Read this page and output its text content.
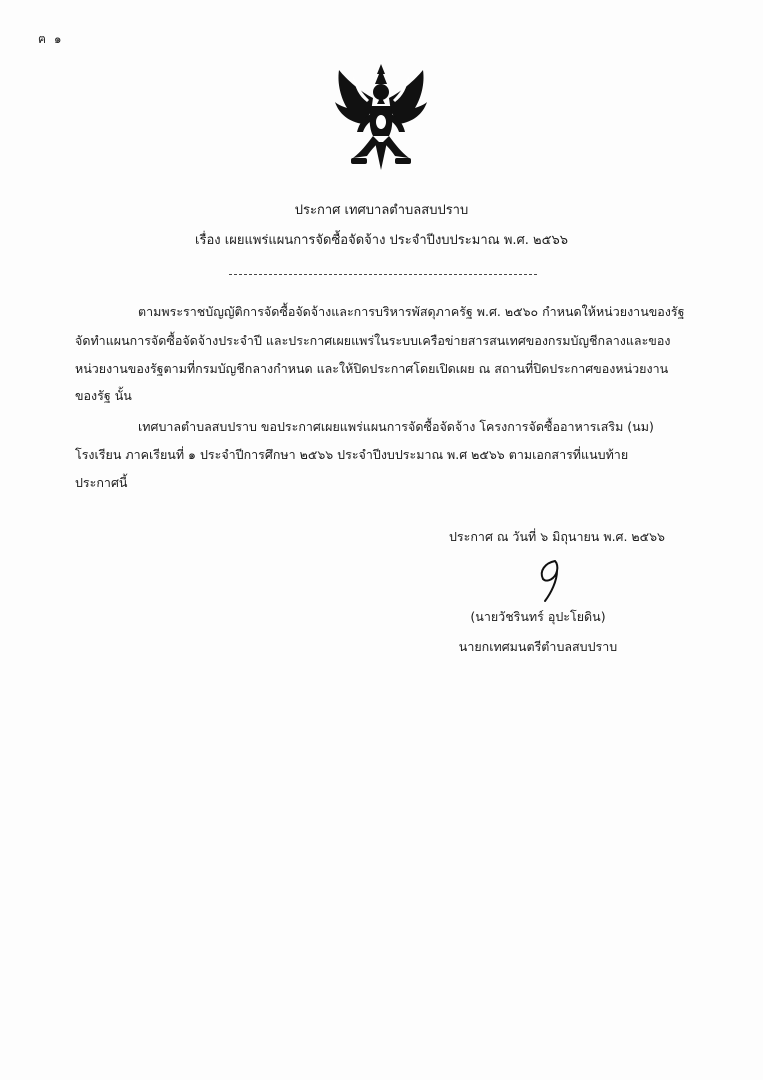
ฅ ๑
ประกาศ เทศบาลตำบลสบปราบ
เรื่อง เผยแพร่แผนการจัดซื้อจัดจ้าง ประจำปีงบประมาณ พ.ศ. ๒๕๖๖
ตามพระราชบัญญัติการจัดซื้อจัดจ้างและการบริหารพัสดุภาครัฐ พ.ศ. ๒๕๖๐ กำหนดให้หน่วยงานของรัฐ
จัดทำแผนการจัดซื้อจัดจ้างประจำปี และประกาศเผยแพร่ในระบบเครือข่ายสารสนเทศของกรมบัญชีกลางและของ
หน่วยงานของรัฐตามที่กรมบัญชีกลางกำหนด และให้ปิดประกาศโดยเปิดเผย ณ สถานที่ปิดประกาศของหน่วยงาน
ของรัฐ นั้น
เทศบาลตำบลสบปราบ ขอประกาศเผยแพร่แผนการจัดซื้อจัดจ้าง โครงการจัดซื้ออาหารเสริม (นม)
โรงเรียน ภาคเรียนที่ ๑ ประจำปีการศึกษา ๒๕๖๖ ประจำปีงบประมาณ พ.ศ ๒๕๖๖ ตามเอกสารที่แนบท้าย
ประกาศนี้
ประกาศ ณ วันที่ ๖ มิถุนายน พ.ศ. ๒๕๖๖
(นายวัชรินทร์ อุปะโยดิน)
นายกเทศมนตรีตำบลสบปราบ
